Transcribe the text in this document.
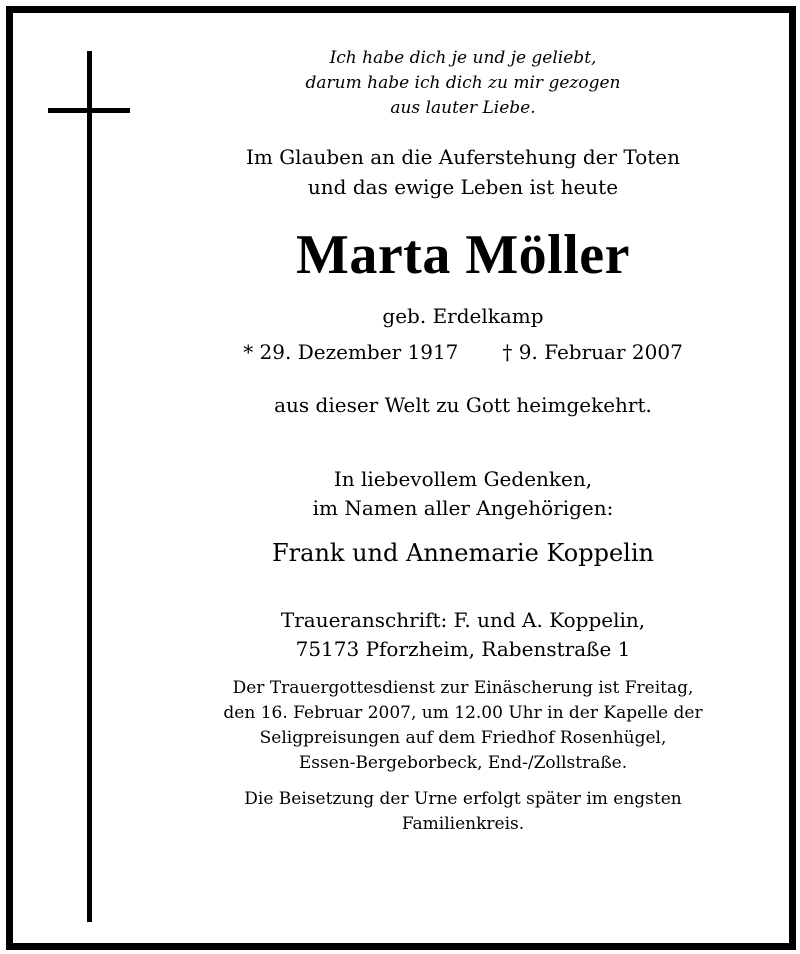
Ich habe dich je und je geliebt,
darum habe ich dich zu mir gezogen
aus lauter Liebe.
Im Glauben an die Auferstehung der Toten
und das ewige Leben ist heute
Marta Möller
geb. Erdelkamp
* 29. Dezember 1917 † 9. Februar 2007
aus dieser Welt zu Gott heimgekehrt.
In liebevollem Gedenken,
im Namen aller Angehörigen:
Frank und Annemarie Koppelin
Traueranschrift: F. und A. Koppelin,
75173 Pforzheim, Rabenstraße 1
Der Trauergottesdienst zur Einäscherung ist Freitag,
den 16. Februar 2007, um 12.00 Uhr in der Kapelle der
Seligpreisungen auf dem Friedhof Rosenhügel,
Essen-Bergeborbeck, End-/Zollstraße.
Die Beisetzung der Urne erfolgt später im engsten
Familienkreis.
